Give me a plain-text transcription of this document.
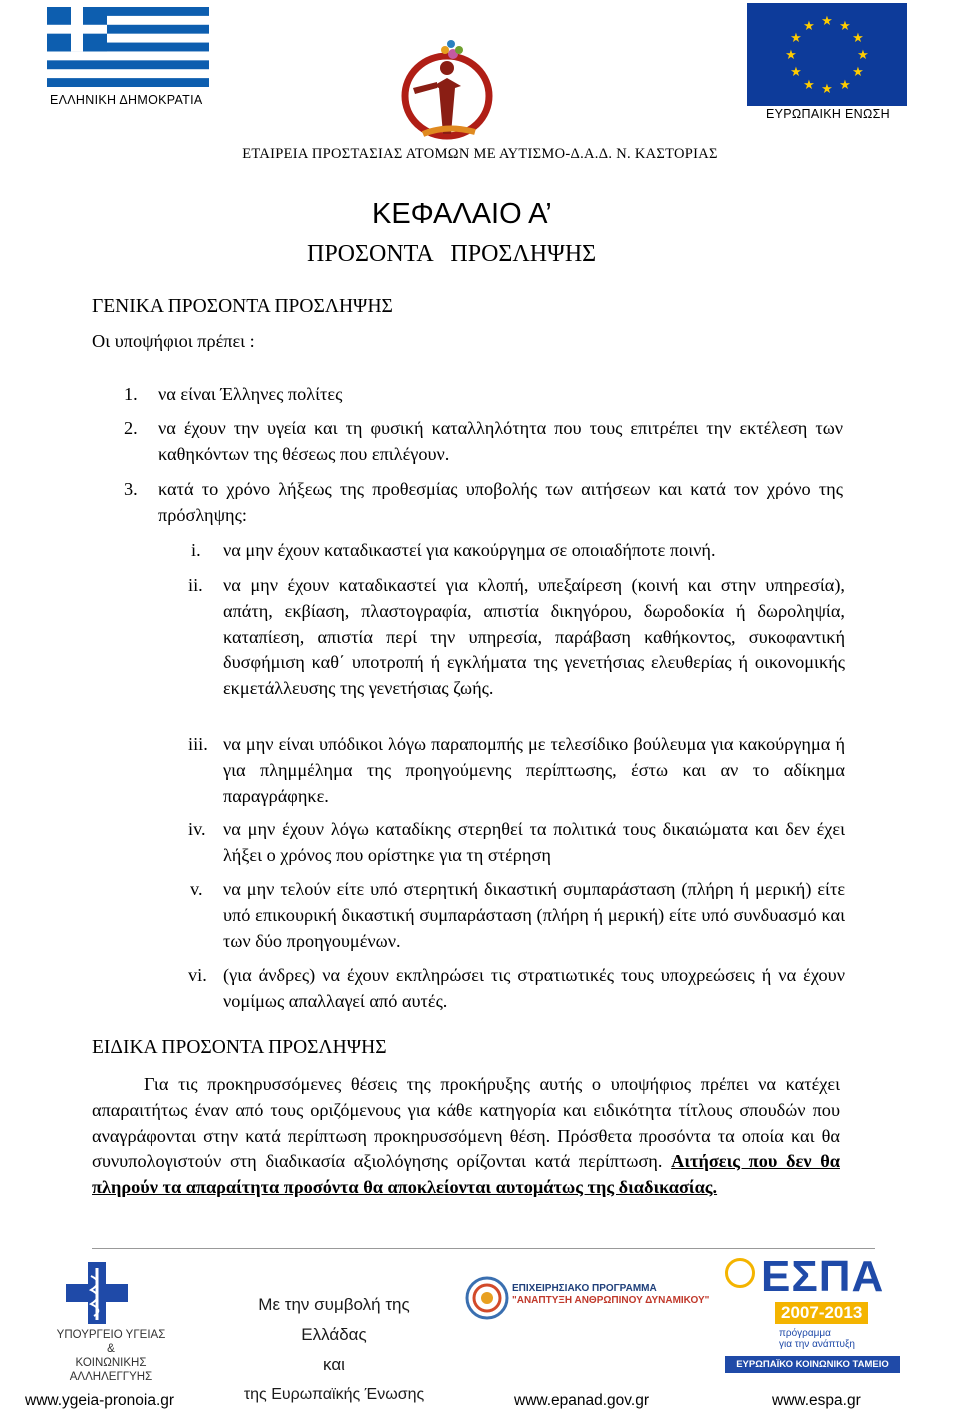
ΕΛΛΗΝΙΚΗ ΔΗΜΟΚΡΑΤΙΑ
★ ★
★
★
★
★
★
★
★
★
★
★
ΕΥΡΩΠΑΙΚΗ ΕΝΩΣΗ
ΕΤΑΙΡΕΙΑ ΠΡΟΣΤΑΣΙΑΣ ΑΤΟΜΩΝ ΜΕ ΑΥΤΙΣΜΟ-Δ.Α.Δ. Ν. ΚΑΣΤΟΡΙΑΣ
ΚΕΦΑΛΑΙΟ Α’
ΠΡΟΣΟΝΤΑ   ΠΡΟΣΛΗΨΗΣ
ΓΕΝΙΚΑ ΠΡΟΣΟΝΤΑ ΠΡΟΣΛΗΨΗΣ
Οι υποψήφιοι πρέπει :
1. να είναι Έλληνες πολίτες
2. να έχουν την υγεία και τη φυσική καταλληλότητα που τους επιτρέπει την εκτέλεση των καθηκόντων της θέσεως που επιλέγουν.
3. κατά το χρόνο λήξεως της προθεσμίας υποβολής των αιτήσεων και κατά τον χρόνο της πρόσληψης:
i. να μην έχουν καταδικαστεί για κακούργημα σε οποιαδήποτε ποινή.
ii. να μην έχουν καταδικαστεί για κλοπή, υπεξαίρεση (κοινή και στην υπηρεσία), απάτη, εκβίαση, πλαστογραφία, απιστία δικηγόρου, δωροδοκία ή δωροληψία, καταπίεση, απιστία περί την υπηρεσία, παράβαση καθήκοντος, συκοφαντική δυσφήμιση καθ΄ υποτροπή ή εγκλήματα της γενετήσιας ελευθερίας ή οικονομικής εκμετάλλευσης της γενετήσιας ζωής.
iii. να μην είναι υπόδικοι λόγω παραπομπής με τελεσίδικο βούλευμα για κακούργημα ή για πλημμέλημα της προηγούμενης περίπτωσης, έστω και αν το αδίκημα παραγράφηκε.
iv. να μην έχουν λόγω καταδίκης στερηθεί τα πολιτικά τους δικαιώματα και δεν έχει λήξει ο χρόνος που ορίστηκε για τη στέρηση
v. να μην τελούν είτε υπό στερητική δικαστική συμπαράσταση (πλήρη ή μερική) είτε υπό επικουρική δικαστική συμπαράσταση (πλήρη ή μερική) είτε υπό συνδυασμό και των δύο προηγουμένων.
vi. (για άνδρες) να έχουν εκπληρώσει τις στρατιωτικές τους υποχρεώσεις ή να έχουν νομίμως απαλλαγεί από αυτές.
ΕΙΔΙΚΑ ΠΡΟΣΟΝΤΑ ΠΡΟΣΛΗΨΗΣ
Για τις προκηρυσσόμενες θέσεις της προκήρυξης αυτής ο υποψήφιος πρέπει να κατέχει απαραιτήτως έναν από τους οριζόμενους για κάθε κατηγορία και ειδικότητα τίτλους σπουδών που αναγράφονται στην κατά περίπτωση προκηρυσσόμενη θέση. Πρόσθετα προσόντα τα οποία και θα συνυπολογιστούν στη διαδικασία αξιολόγησης ορίζονται κατά περίπτωση. Αιτήσεις που δεν θα πληρούν τα απαραίτητα προσόντα θα αποκλείονται αυτομάτως της διαδικασίας.
ΥΠΟΥΡΓΕΙΟ ΥΓΕΙΑΣ
&
ΚΟΙΝΩΝΙΚΗΣ ΑΛΛΗΛΕΓΓΥΗΣ
Με την συμβολή της
Ελλάδας
και
της Ευρωπαϊκής Ένωσης
ΕΠΙΧΕΙΡΗΣΙΑΚΟ ΠΡΟΓΡΑΜΜΑ
"ΑΝΑΠΤΥΞΗ ΑΝΘΡΩΠΙΝΟΥ ΔΥΝΑΜΙΚΟΥ" ΕΣΠΑ
2007-2013
πρόγραμμα
για την ανάπτυξη
ΕΥΡΩΠΑΪΚΟ ΚΟΙΝΩΝΙΚΟ ΤΑΜΕΙΟ
www.ygeia-pronoia.gr	www.epanad.gov.gr	www.espa.gr
